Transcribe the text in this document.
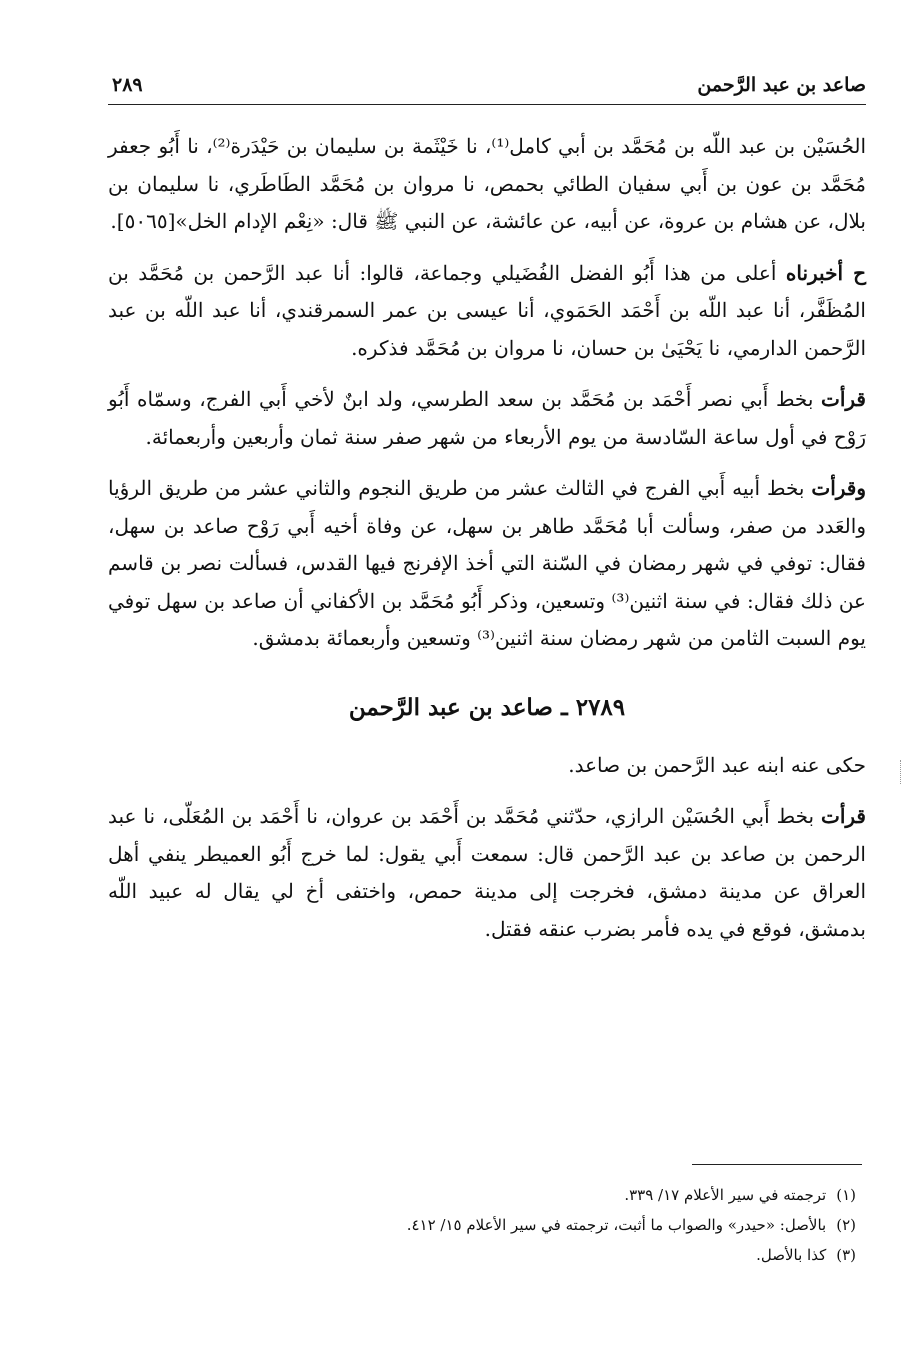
صاعد بن عبد الرَّحمن
٢٨٩

الحُسَيْن بن عبد اللّه بن مُحَمَّد بن أبي كامل⁽¹⁾، نا خَيْثَمة بن سليمان بن حَيْدَرة⁽²⁾، نا أَبُو جعفر مُحَمَّد بن عون بن أَبي سفيان الطائي بحمص، نا مروان بن مُحَمَّد الطَاطَري، نا سليمان بن بلال، عن هشام بن عروة، عن أبيه، عن عائشة، عن النبي ﷺ قال: «نِعْم الإدام الخل»[٥٠٦٥].

ح أخبرناه أعلى من هذا أَبُو الفضل الفُضَيلي وجماعة، قالوا: أنا عبد الرَّحمن بن مُحَمَّد بن المُظَفَّر، أنا عبد اللّه بن أَحْمَد الحَمَوي، أنا عيسى بن عمر السمرقندي، أنا عبد اللّه بن عبد الرَّحمن الدارمي، نا يَحْيَىٰ بن حسان، نا مروان بن مُحَمَّد فذكره.

قرأت بخط أَبي نصر أَحْمَد بن مُحَمَّد بن سعد الطرسي، ولد ابنٌ لأخي أَبي الفرج، وسمّاه أَبُو رَوْح في أول ساعة السّادسة من يوم الأربعاء من شهر صفر سنة ثمان وأربعين وأربعمائة.

وقرأت بخط أبيه أَبي الفرج في الثالث عشر من طريق النجوم والثاني عشر من طريق الرؤيا والعَدد من صفر، وسألت أبا مُحَمَّد طاهر بن سهل، عن وفاة أخيه أَبي رَوْح صاعد بن سهل، فقال: توفي في شهر رمضان في السّنة التي أخذ الإفرنج فيها القدس، فسألت نصر بن قاسم عن ذلك فقال: في سنة اثنين⁽³⁾ وتسعين، وذكر أَبُو مُحَمَّد بن الأكفاني أن صاعد بن سهل توفي يوم السبت الثامن من شهر رمضان سنة اثنين⁽³⁾ وتسعين وأربعمائة بدمشق.

٢٧٨٩ ـ صاعد بن عبد الرَّحمن

حكى عنه ابنه عبد الرَّحمن بن صاعد.

قرأت بخط أَبي الحُسَيْن الرازي، حدّثني مُحَمَّد بن أَحْمَد بن عروان، نا أَحْمَد بن المُعَلّى، نا عبد الرحمن بن صاعد بن عبد الرَّحمن قال: سمعت أَبي يقول: لما خرج أَبُو العميطر ينفي أهل العراق عن مدينة دمشق، فخرجت إلى مدينة حمص، واختفى أخ لي يقال له عبيد اللّه بدمشق، فوقع في يده فأمر بضرب عنقه فقتل.

(١)ترجمته في سير الأعلام ١٧/ ٣٣٩.
(٢)بالأصل: «حيدر» والصواب ما أثبت، ترجمته في سير الأعلام ١٥/ ٤١٢.
(٣)كذا بالأصل.
